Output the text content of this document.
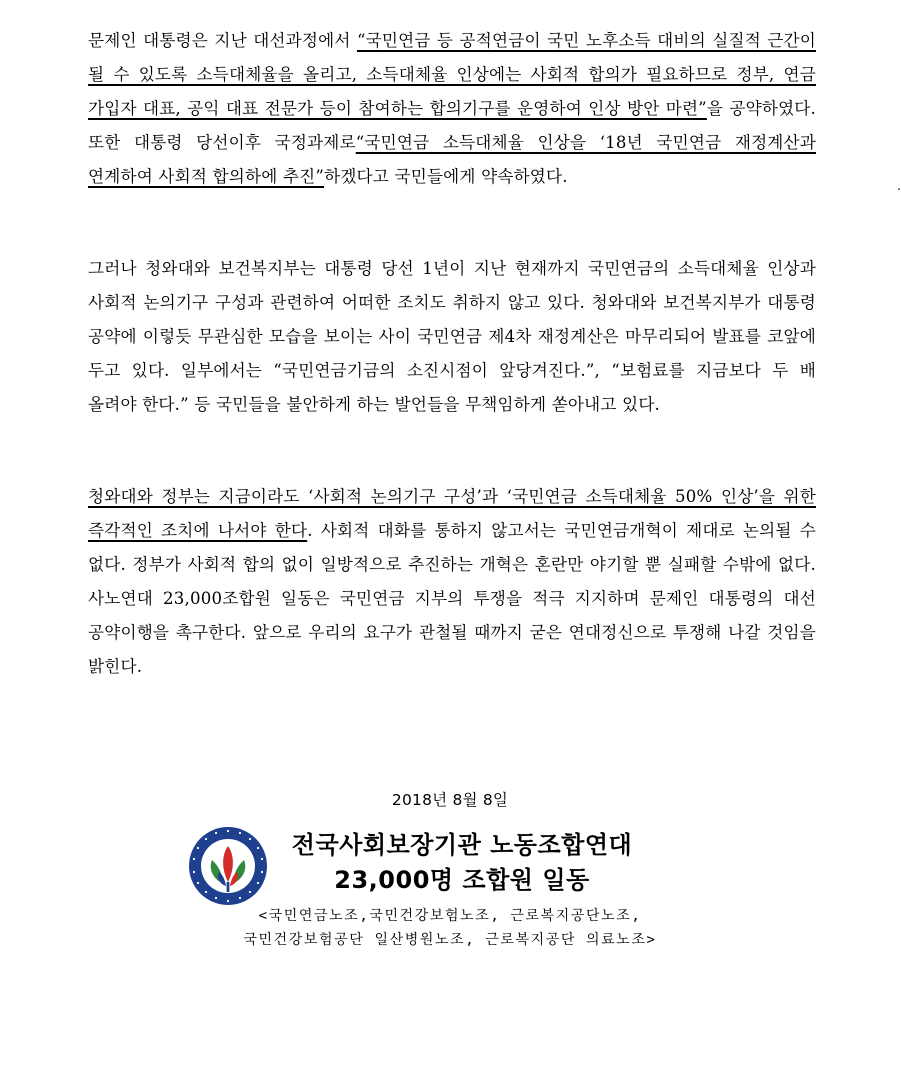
문제인 대통령은 지난 대선과정에서 “국민연금 등 공적연금이 국민 노후소득 대비의 실질적 근간이 될 수 있도록 소득대체율을 올리고, 소득대체율 인상에는 사회적 합의가 필요하므로 정부, 연금 가입자 대표, 공익 대표 전문가 등이 참여하는 합의기구를 운영하여 인상 방안 마련”을 공약하였다. 또한 대통령 당선이후 국정과제로“국민연금 소득대체율 인상을 ‘18년 국민연금 재정계산과 연계하여 사회적 합의하에 추진”하겠다고 국민들에게 약속하였다.	.

그러나 청와대와 보건복지부는 대통령 당선 1년이 지난 현재까지 국민연금의 소득대체율 인상과 사회적 논의기구 구성과 관련하여 어떠한 조치도 취하지 않고 있다. 청와대와 보건복지부가 대통령 공약에 이렇듯 무관심한 모습을 보이는 사이 국민연금 제4차 재정계산은 마무리되어 발표를 코앞에 두고 있다. 일부에서는 “국민연금기금의 소진시점이 앞당겨진다.”, “보험료를 지금보다 두 배 올려야 한다.” 등 국민들을 불안하게 하는 발언들을 무책임하게 쏟아내고 있다.

청와대와 정부는 지금이라도 ‘사회적 논의기구 구성’과 ‘국민연금 소득대체율 50% 인상’을 위한 즉각적인 조치에 나서야 한다. 사회적 대화를 통하지 않고서는 국민연금개혁이 제대로 논의될 수 없다. 정부가 사회적 합의 없이 일방적으로 추진하는 개혁은 혼란만 야기할 뿐 실패할 수밖에 없다. 사노연대 23,000조합원 일동은 국민연금 지부의 투쟁을 적극 지지하며 문제인 대통령의 대선 공약이행을 촉구한다. 앞으로 우리의 요구가 관철될 때까지 굳은 연대정신으로 투쟁해 나갈 것임을 밝힌다.

2018년 8월 8일
전국사회보장기관 노동조합연대
23,000명 조합원 일동
<국민연금노조,국민건강보험노조, 근로복지공단노조,
국민건강보험공단 일산병원노조, 근로복지공단 의료노조>
